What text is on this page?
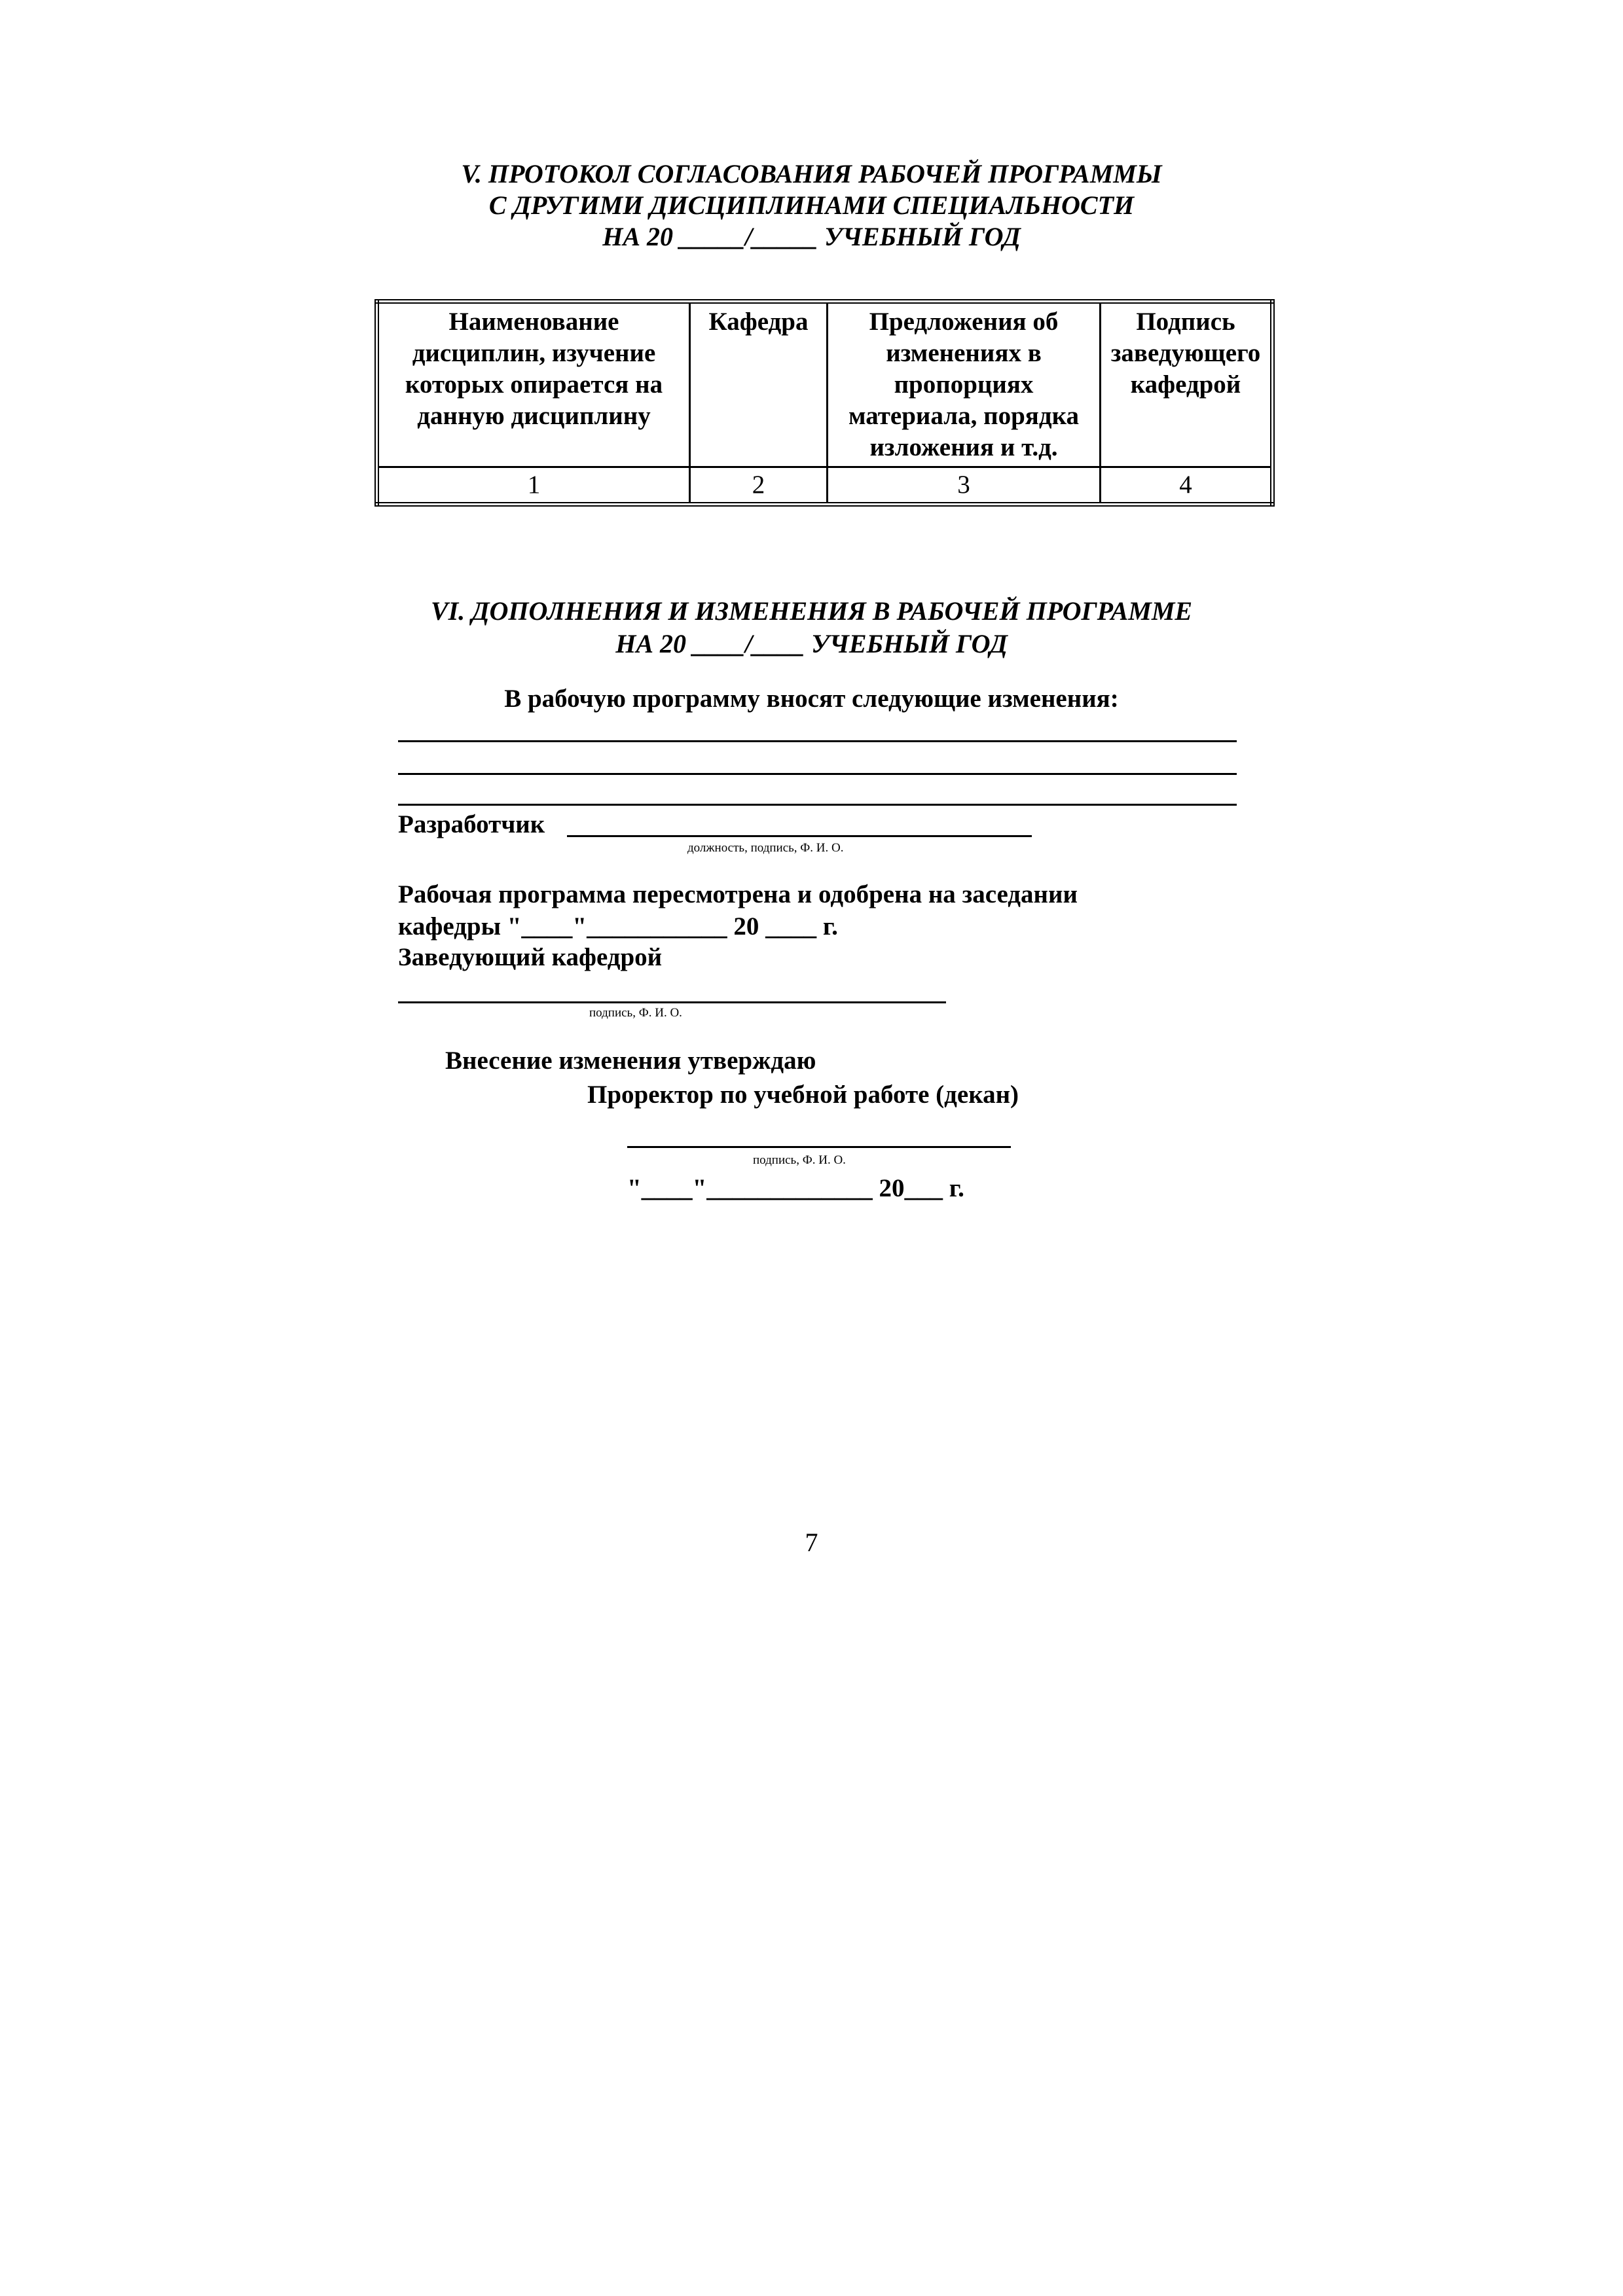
V. ПРОТОКОЛ СОГЛАСОВАНИЯ РАБОЧЕЙ ПРОГРАММЫ
С ДРУГИМИ ДИСЦИПЛИНАМИ СПЕЦИАЛЬНОСТИ
НА 20 _____/_____ УЧЕБНЫЙ ГОД
Наименование дисциплин, изучение которых опирается на данную дисциплину	Кафедра	Предложения об изменениях в пропорциях материала, порядка изложения и т.д.	Подпись заведующего кафедрой
1	2	3	4
VI. ДОПОЛНЕНИЯ И ИЗМЕНЕНИЯ В РАБОЧЕЙ ПРОГРАММЕ
НА 20 ____/____ УЧЕБНЫЙ ГОД
В рабочую программу вносят следующие изменения:
Разработчик
должность, подпись, Ф. И. О.
Рабочая программа пересмотрена и одобрена на заседании
кафедры "____"___________ 20 ____ г.
Заведующий кафедрой
подпись, Ф. И. О.
Внесение изменения утверждаю
Проректор по учебной работе (декан)
подпись, Ф. И. О.
"____"_____________ 20___ г.
7
